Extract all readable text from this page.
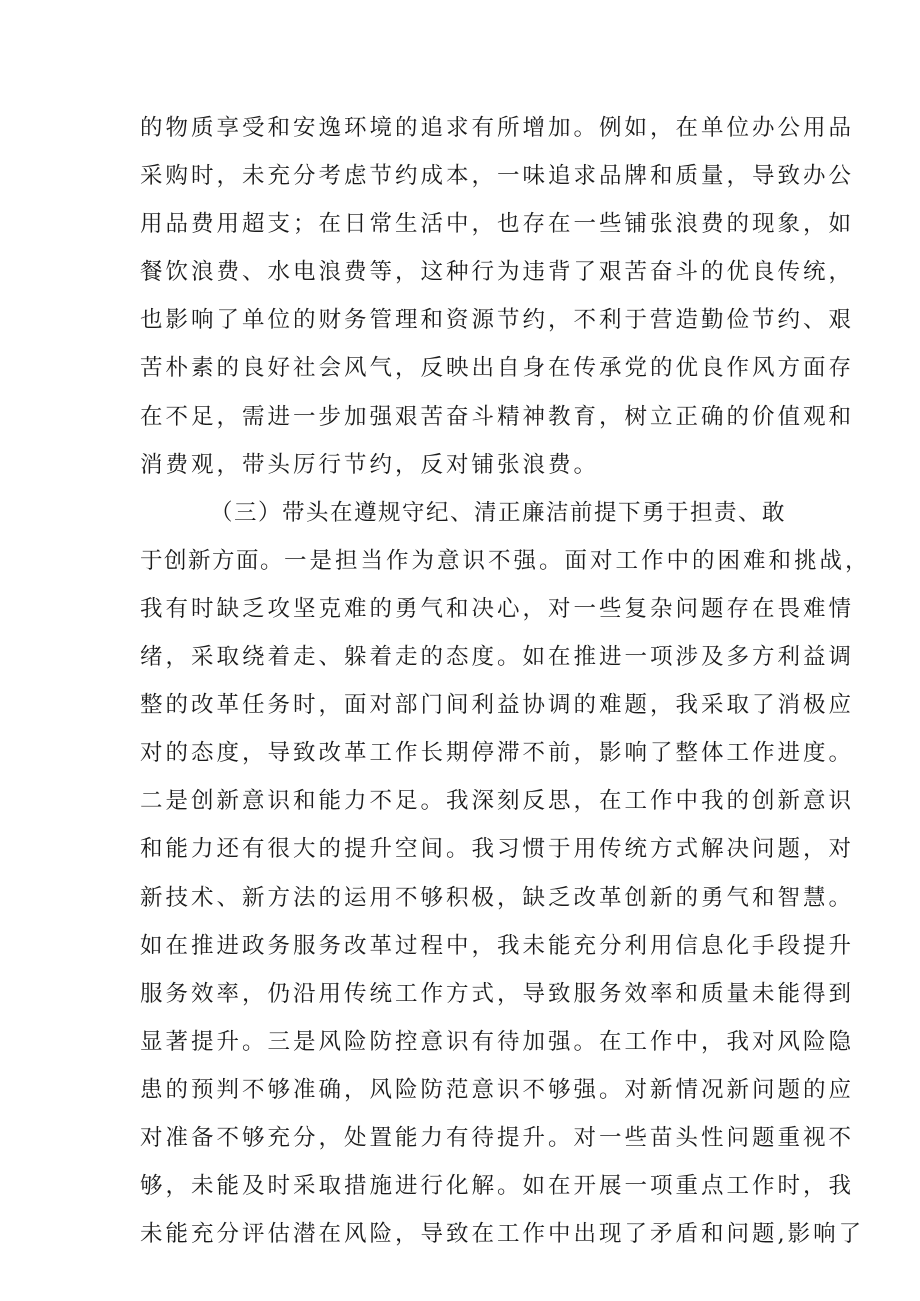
的物质享受和安逸环境的追求有所增加。例如，在单位办公用品
采购时，未充分考虑节约成本，一味追求品牌和质量，导致办公
用品费用超支；在日常生活中，也存在一些铺张浪费的现象，如
餐饮浪费、水电浪费等，这种行为违背了艰苦奋斗的优良传统，
也影响了单位的财务管理和资源节约，不利于营造勤俭节约、艰
苦朴素的良好社会风气，反映出自身在传承党的优良作风方面存
在不足，需进一步加强艰苦奋斗精神教育，树立正确的价值观和
消费观，带头厉行节约，反对铺张浪费。
（三）带头在遵规守纪、清正廉洁前提下勇于担责、敢
于创新方面。一是担当作为意识不强。面对工作中的困难和挑战，
我有时缺乏攻坚克难的勇气和决心，对一些复杂问题存在畏难情
绪，采取绕着走、躲着走的态度。如在推进一项涉及多方利益调
整的改革任务时，面对部门间利益协调的难题，我采取了消极应
对的态度，导致改革工作长期停滞不前，影响了整体工作进度。
二是创新意识和能力不足。我深刻反思，在工作中我的创新意识
和能力还有很大的提升空间。我习惯于用传统方式解决问题，对
新技术、新方法的运用不够积极，缺乏改革创新的勇气和智慧。
如在推进政务服务改革过程中，我未能充分利用信息化手段提升
服务效率，仍沿用传统工作方式，导致服务效率和质量未能得到
显著提升。三是风险防控意识有待加强。在工作中，我对风险隐
患的预判不够准确，风险防范意识不够强。对新情况新问题的应
对准备不够充分，处置能力有待提升。对一些苗头性问题重视不
够，未能及时采取措施进行化解。如在开展一项重点工作时，我
未能充分评估潜在风险，导致在工作中出现了矛盾和问题,影响了
